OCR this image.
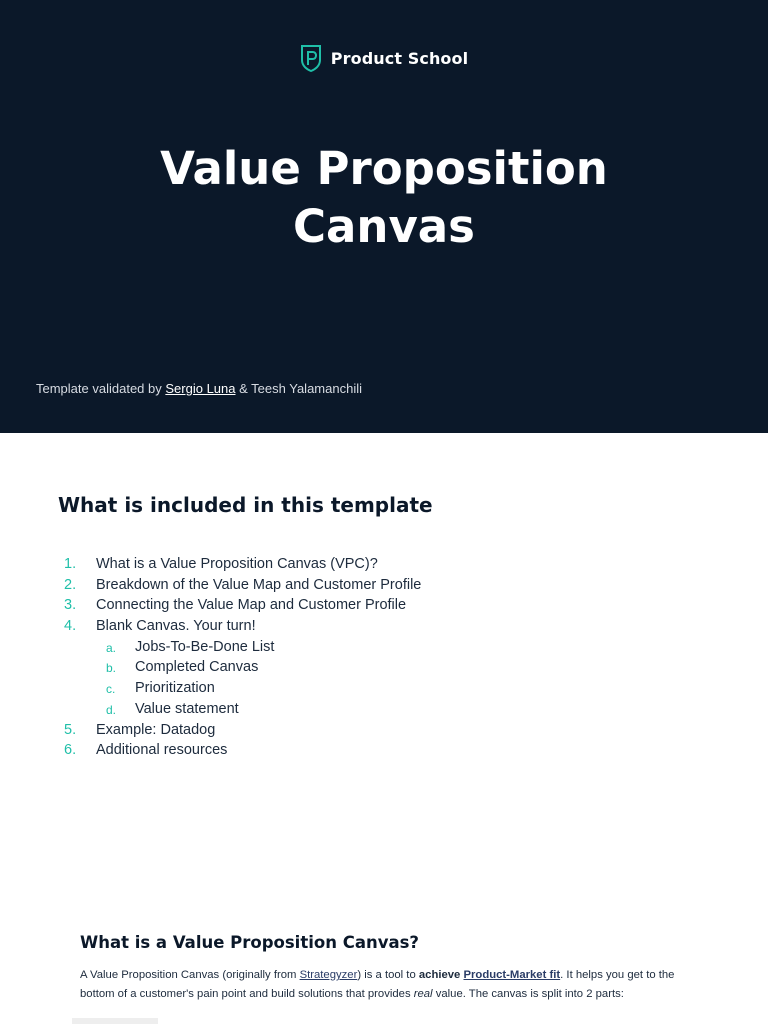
Product School
Value Proposition
Canvas
Template validated by Sergio Luna & Teesh Yalamanchili
What is included in this template
1. What is a Value Proposition Canvas (VPC)?
2. Breakdown of the Value Map and Customer Profile
3. Connecting the Value Map and Customer Profile
4. Blank Canvas. Your turn!
a. Jobs-To-Be-Done List
b. Completed Canvas
c. Prioritization
d. Value statement
5. Example: Datadog
6. Additional resources
What is a Value Proposition Canvas?
A Value Proposition Canvas (originally from Strategyzer) is a tool to achieve Product-Market fit. It helps you get to the bottom of a customer's pain point and build solutions that provides real value. The canvas is split into 2 parts:
